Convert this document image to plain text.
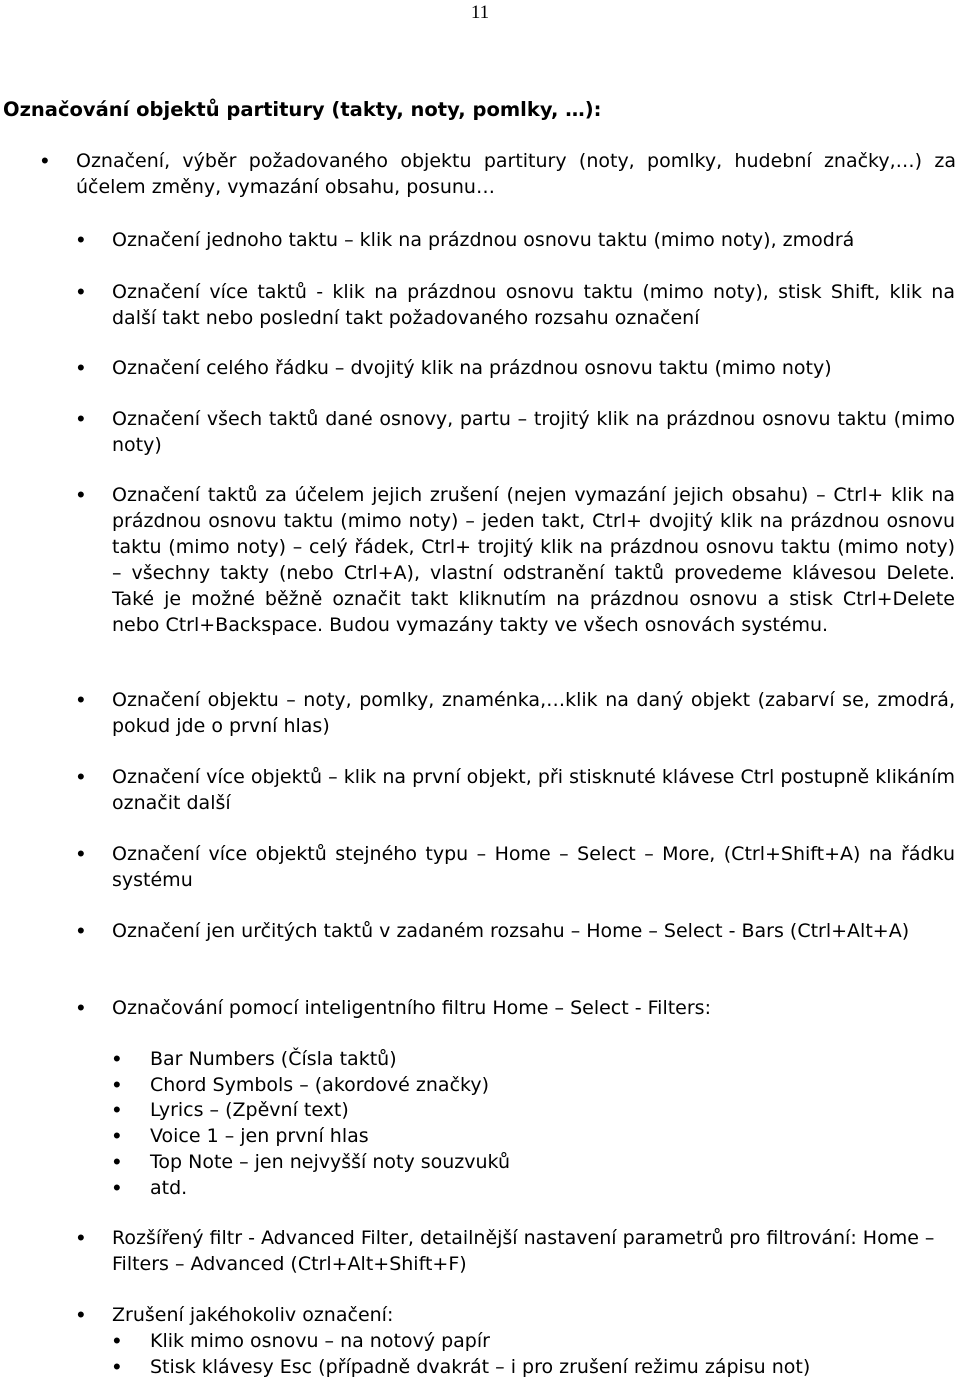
11
Označování objektů partitury (takty, noty, pomlky, …):

• Označení, výběr požadovaného objektu partitury (noty, pomlky, hudební značky,…) za účelem změny, vymazání obsahu, posunu…

• Označení jednoho taktu – klik na prázdnou osnovu taktu (mimo noty), zmodrá

• Označení více taktů - klik na prázdnou osnovu taktu (mimo noty), stisk Shift, klik na další takt nebo poslední takt požadovaného rozsahu označení

• Označení celého řádku – dvojitý klik na prázdnou osnovu taktu (mimo noty)

• Označení všech taktů dané osnovy, partu – trojitý klik na prázdnou osnovu taktu (mimo noty)

• Označení taktů za účelem jejich zrušení (nejen vymazání jejich obsahu) – Ctrl+ klik na prázdnou osnovu taktu (mimo noty) – jeden takt, Ctrl+ dvojitý klik na prázdnou osnovu taktu (mimo noty) – celý řádek, Ctrl+ trojitý klik na prázdnou osnovu taktu (mimo noty) – všechny takty (nebo Ctrl+A), vlastní odstranění taktů provedeme klávesou Delete. Také je možné běžně označit takt kliknutím na prázdnou osnovu a stisk Ctrl+Delete nebo Ctrl+Backspace. Budou vymazány takty ve všech osnovách systému.

• Označení objektu – noty, pomlky, znaménka,…klik na daný objekt (zabarví se, zmodrá, pokud jde o první hlas)

• Označení více objektů – klik na první objekt, při stisknuté klávese Ctrl postupně klikáním označit další

• Označení více objektů stejného typu – Home – Select – More, (Ctrl+Shift+A) na řádku systému

• Označení jen určitých taktů v zadaném rozsahu – Home – Select - Bars (Ctrl+Alt+A)

• Označování pomocí inteligentního filtru Home – Select - Filters:

• Bar Numbers (Čísla taktů)

• Chord Symbols – (akordové značky)

• Lyrics – (Zpěvní text)

• Voice 1 – jen první hlas

• Top Note – jen nejvyšší noty souzvuků

• atd.

• Rozšířený filtr - Advanced Filter, detailnější nastavení parametrů pro filtrování: Home – Filters – Advanced (Ctrl+Alt+Shift+F)

• Zrušení jakéhokoliv označení:

• Klik mimo osnovu – na notový papír

• Stisk klávesy Esc (případně dvakrát – i pro zrušení režimu zápisu not)
